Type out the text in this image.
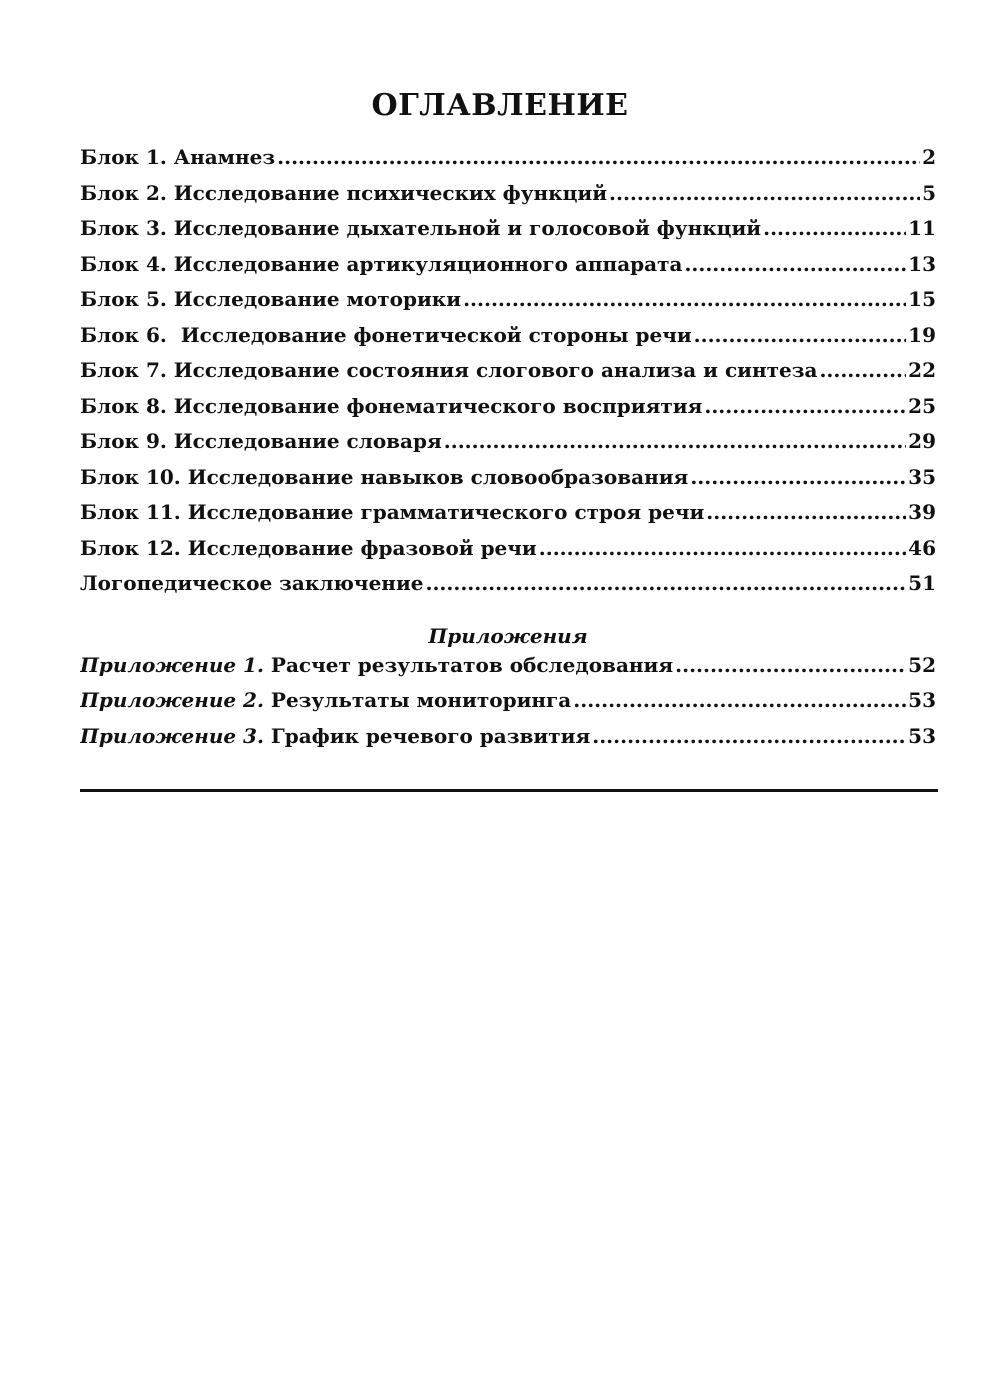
ОГЛАВЛЕНИЕ
Блок 1. Анамнез .....	2
Блок 2. Исследование психических функций .....	5
Блок 3. Исследование дыхательной и голосовой функций .....	11
Блок 4. Исследование артикуляционного аппарата .....	13
Блок 5. Исследование моторики .....	15
Блок 6.  Исследование фонетической стороны речи .....	19
Блок 7. Исследование состояния слогового анализа и синтеза .....	22
Блок 8. Исследование фонематического восприятия .....	25
Блок 9. Исследование словаря .....	29
Блок 10. Исследование навыков словообразования .....	35
Блок 11. Исследование грамматического строя речи .....	39
Блок 12. Исследование фразовой речи .....	46
Логопедическое заключение .....	51
Приложения
Приложение 1. Расчет результатов обследования .....	52
Приложение 2. Результаты мониторинга .....	53
Приложение 3. График речевого развития .....	53
